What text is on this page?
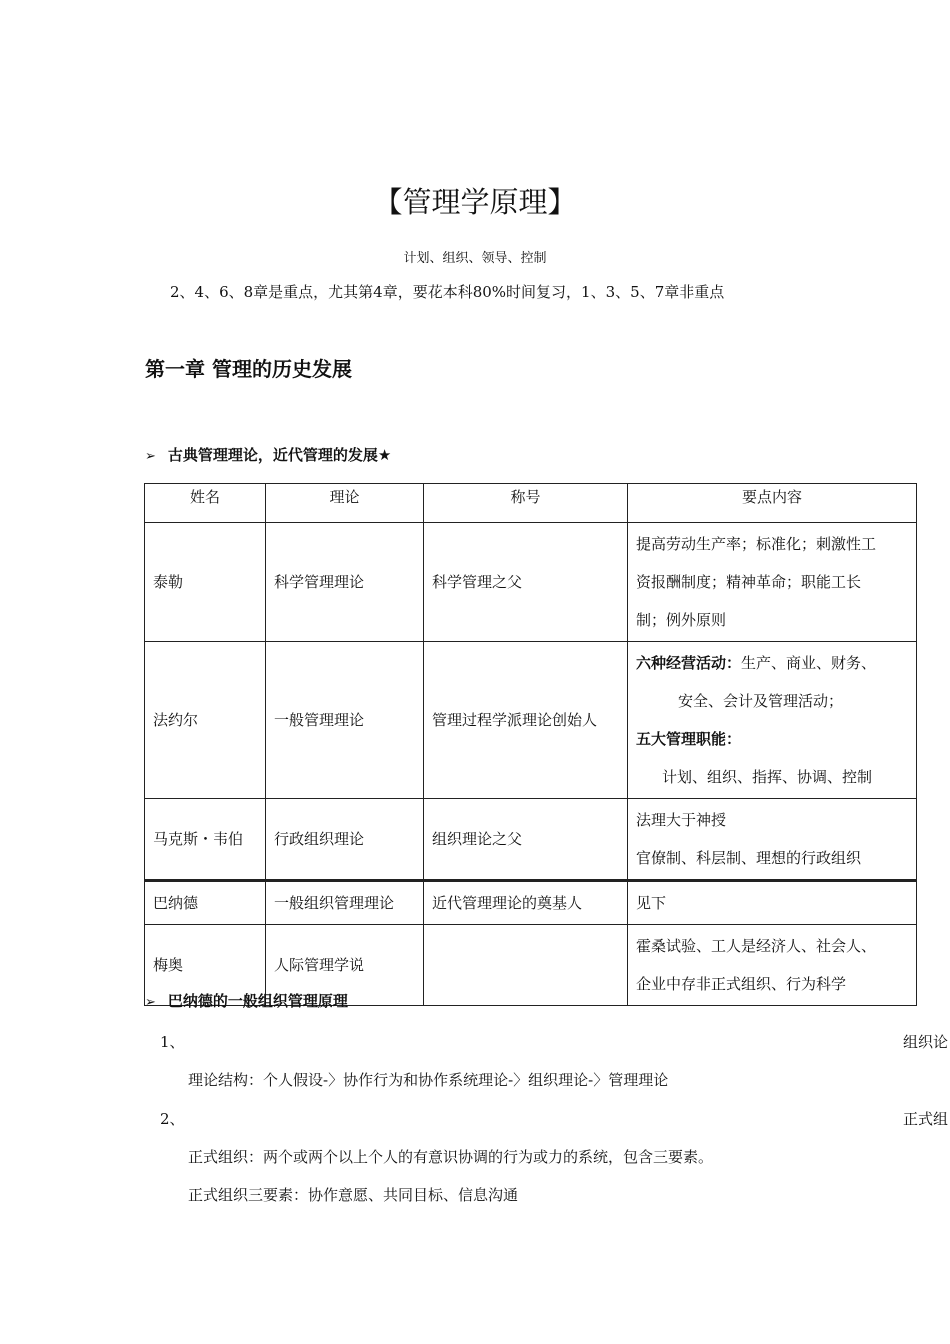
【管理学原理】
计划、组织、领导、控制
2、4、6、8章是重点，尤其第4章，要花本科80%时间复习，1、3、5、7章非重点
第一章 管理的历史发展
➢ 古典管理理论，近代管理的发展★
姓名	理论	称号	要点内容
泰勒	科学管理理论	科学管理之父	提高劳动生产率；标准化；刺激性工
资报酬制度；精神革命；职能工长
制；例外原则

法约尔	一般管理理论	管理过程学派理论创始人	六种经营活动：生产、商业、财务、
安全、会计及管理活动；
五大管理职能：
计划、组织、指挥、协调、控制

马克斯・韦伯	行政组织理论	组织理论之父	法理大于神授
官僚制、科层制、理想的行政组织

巴纳德	一般组织管理理论	近代管理理论的奠基人	见下

梅奥	人际管理学说		霍桑试验、工人是经济人、社会人、
企业中存非正式组织、行为科学
➢ 巴纳德的一般组织管理原理
1、	组织论
理论结构：个人假设-〉协作行为和协作系统理论-〉组织理论-〉管理理论
2、	正式组
正式组织：两个或两个以上个人的有意识协调的行为或力的系统，包含三要素。
正式组织三要素：协作意愿、共同目标、信息沟通
